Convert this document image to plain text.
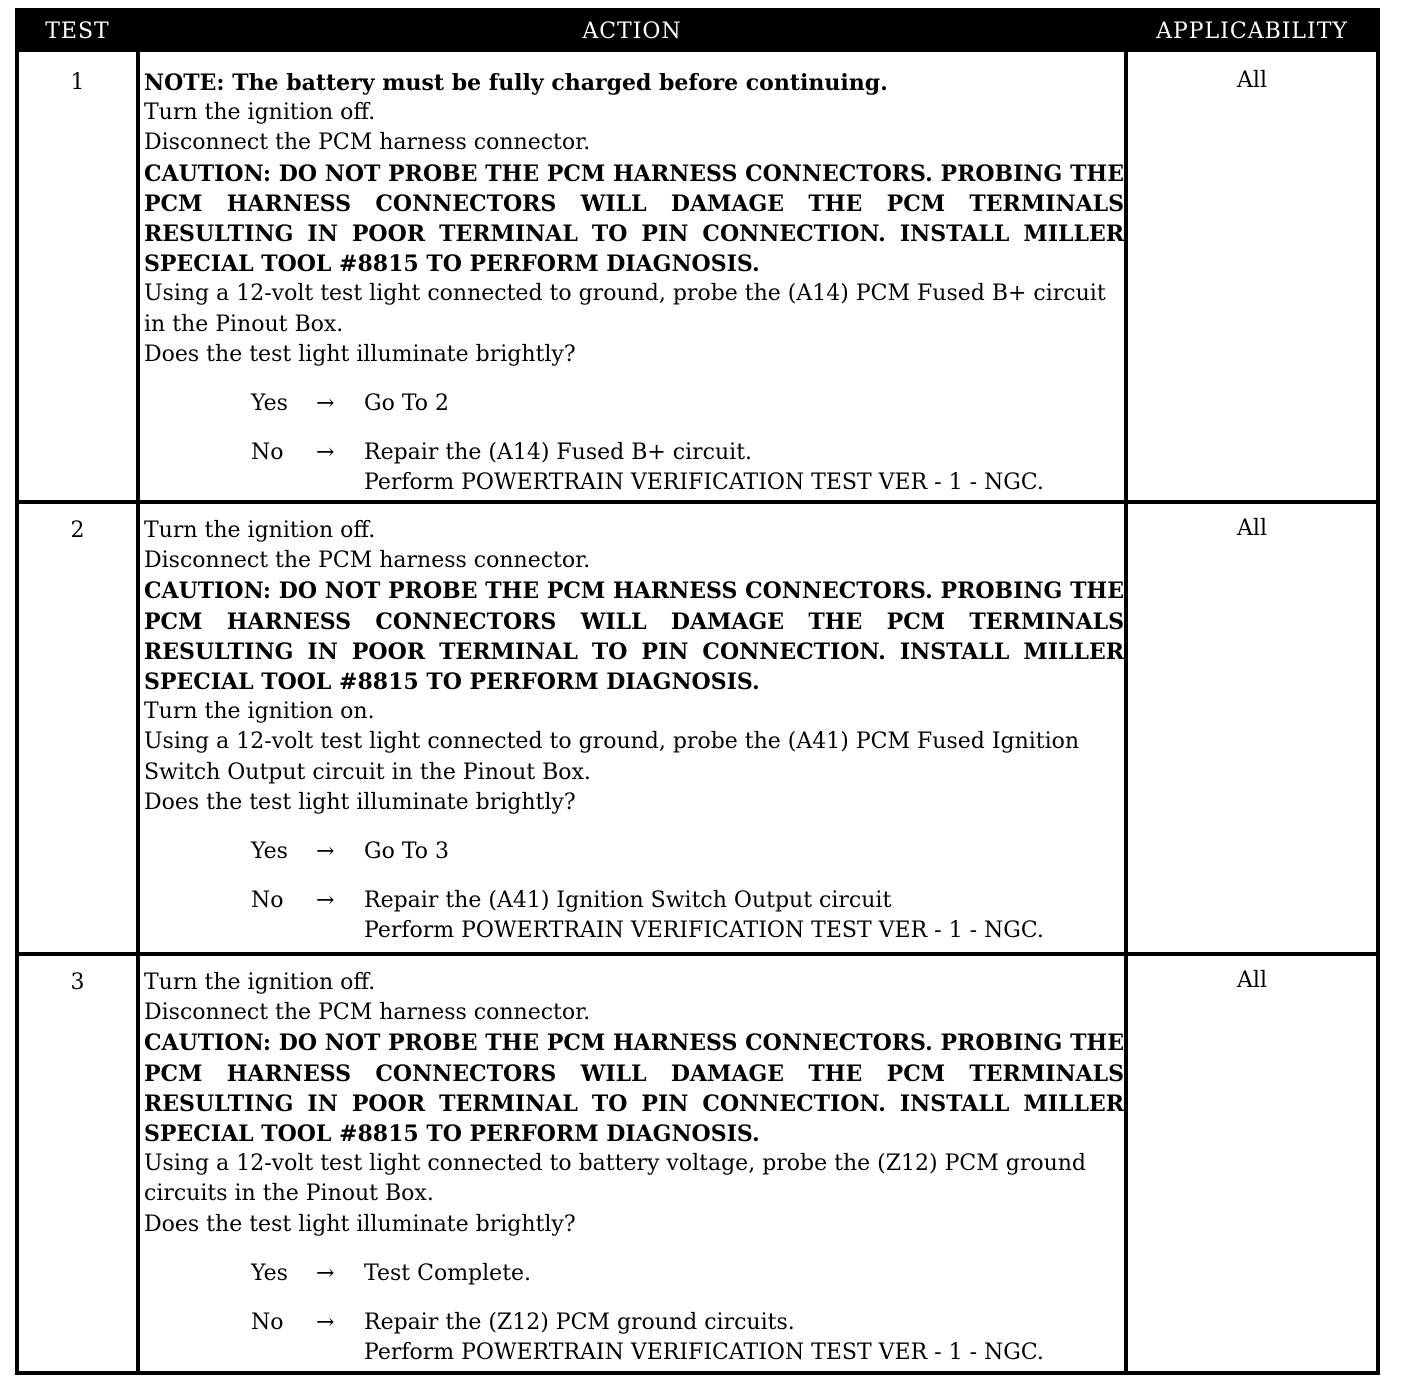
TEST	ACTION	APPLICABILITY
1	NOTE: The battery must be fully charged before continuing.

Turn the ignition off.

Disconnect the PCM harness connector.

CAUTION: DO NOT PROBE THE PCM HARNESS CONNECTORS. PROBING THE PCM HARNESS CONNECTORS WILL DAMAGE THE PCM TERMINALS RESULTING IN POOR TERMINAL TO PIN CONNECTION. INSTALL MILLER SPECIAL TOOL #8815 TO PERFORM DIAGNOSIS.

Using a 12-volt test light connected to ground, probe the (A14) PCM Fused B+ circuit in the Pinout Box.

Does the test light illuminate brightly?

Yes → Go To 2
No → Repair the (A14) Fused B+ circuit.
Perform POWERTRAIN VERIFICATION TEST VER - 1 - NGC.
All
2	Turn the ignition off.

Disconnect the PCM harness connector.

CAUTION: DO NOT PROBE THE PCM HARNESS CONNECTORS. PROBING THE PCM HARNESS CONNECTORS WILL DAMAGE THE PCM TERMINALS RESULTING IN POOR TERMINAL TO PIN CONNECTION. INSTALL MILLER SPECIAL TOOL #8815 TO PERFORM DIAGNOSIS.

Turn the ignition on.

Using a 12-volt test light connected to ground, probe the (A41) PCM Fused Ignition Switch Output circuit in the Pinout Box.

Does the test light illuminate brightly?

Yes → Go To 3
No → Repair the (A41) Ignition Switch Output circuit
Perform POWERTRAIN VERIFICATION TEST VER - 1 - NGC.
All
3	Turn the ignition off.

Disconnect the PCM harness connector.

CAUTION: DO NOT PROBE THE PCM HARNESS CONNECTORS. PROBING THE PCM HARNESS CONNECTORS WILL DAMAGE THE PCM TERMINALS RESULTING IN POOR TERMINAL TO PIN CONNECTION. INSTALL MILLER SPECIAL TOOL #8815 TO PERFORM DIAGNOSIS.

Using a 12-volt test light connected to battery voltage, probe the (Z12) PCM ground circuits in the Pinout Box.

Does the test light illuminate brightly?

Yes → Test Complete.
No → Repair the (Z12) PCM ground circuits.
Perform POWERTRAIN VERIFICATION TEST VER - 1 - NGC.
All
